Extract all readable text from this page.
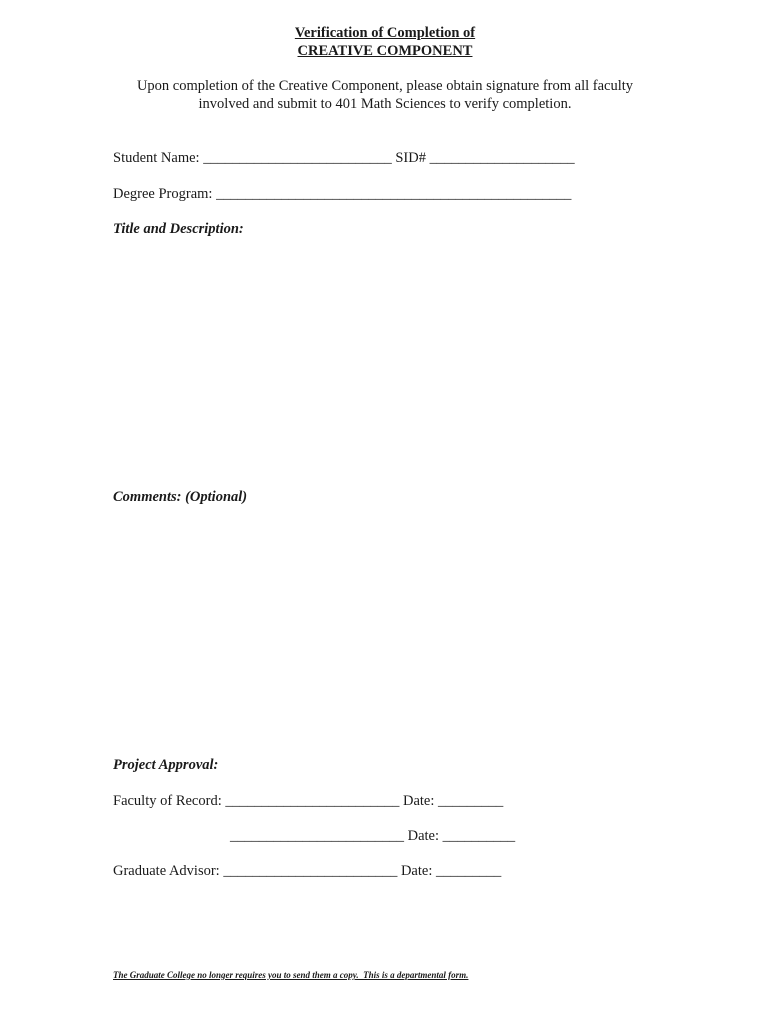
Verification of Completion of
CREATIVE COMPONENT
Upon completion of the Creative Component, please obtain signature from all faculty
involved and submit to 401 Math Sciences to verify completion.
Student Name: __________________________ SID# ____________________
Degree Program: _________________________________________________
Title and Description:
Comments: (Optional)
Project Approval:
Faculty of Record: ________________________ Date: _________
________________________ Date: __________
Graduate Advisor: ________________________ Date: _________
The Graduate College no longer requires you to send them a copy.  This is a departmental form.
